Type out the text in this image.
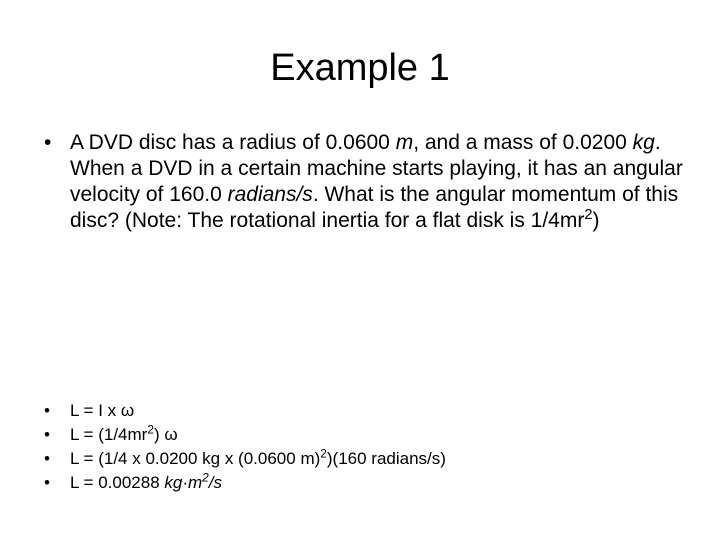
Example 1
• A DVD disc has a radius of 0.0600 m, and a mass of 0.0200 kg. When a DVD in a certain machine starts playing, it has an angular velocity of 160.0 radians/s. What is the angular momentum of this disc? (Note: The rotational inertia for a flat disk is $1/4mr^2$)
• L = I x ω
• $L = (1/4mr^2)$ ω
• L = (1/4 x 0.0200 kg x (0.0600 m)$^2$)(160 radians/s)
• L = 0.00288 $kg\cdot m^2/s$
